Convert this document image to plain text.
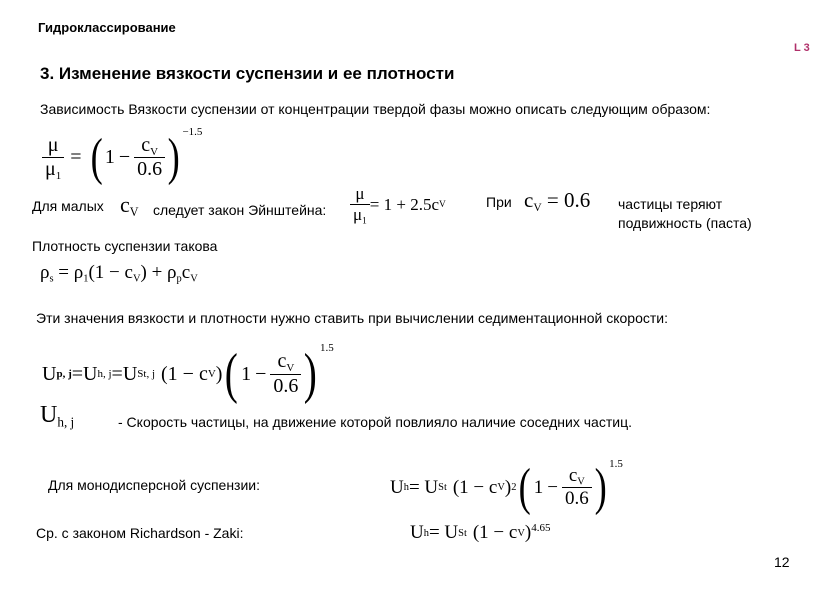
Гидроклассирование
L 3
3. Изменение вязкости суспензии и ее плотности
Зависимость Вязкости суспензии от концентрации твердой фазы можно описать следующим образом:
$\frac{\mu}{\mu_1}$ = ( $1 - \frac{c_V}{0.6}$ ) −1.5
Для малых $c_V$ следует закон Эйнштейна: $\frac{\mu}{\mu_1} = 1 + 2.5c$ V	При $c_V = 0.6$ частицы теряют
подвижность (паста)
Плотность суспензии такова
$\rho_s = \rho_1(1 - c_V) + \rho_pc_V$
Эти значения вязкости и плотности нужно ставить при вычислении седиментационной скорости:
U p, j = U h, j = U St, j (1 − c V ) ( $1 - \frac{c_V}{0.6}$ ) 1.5
$U_{h, j}$	- Скорость частицы, на движение которой повлияло наличие соседних частиц.
Для монодисперсной суспензии:	U h = U St (1 − c V ) 2 ( $1 - \frac{c_V}{0.6}$ ) 1.5
Ср. с законом Richardson - Zaki:	U h = U St (1 − c V ) 4.65
12
